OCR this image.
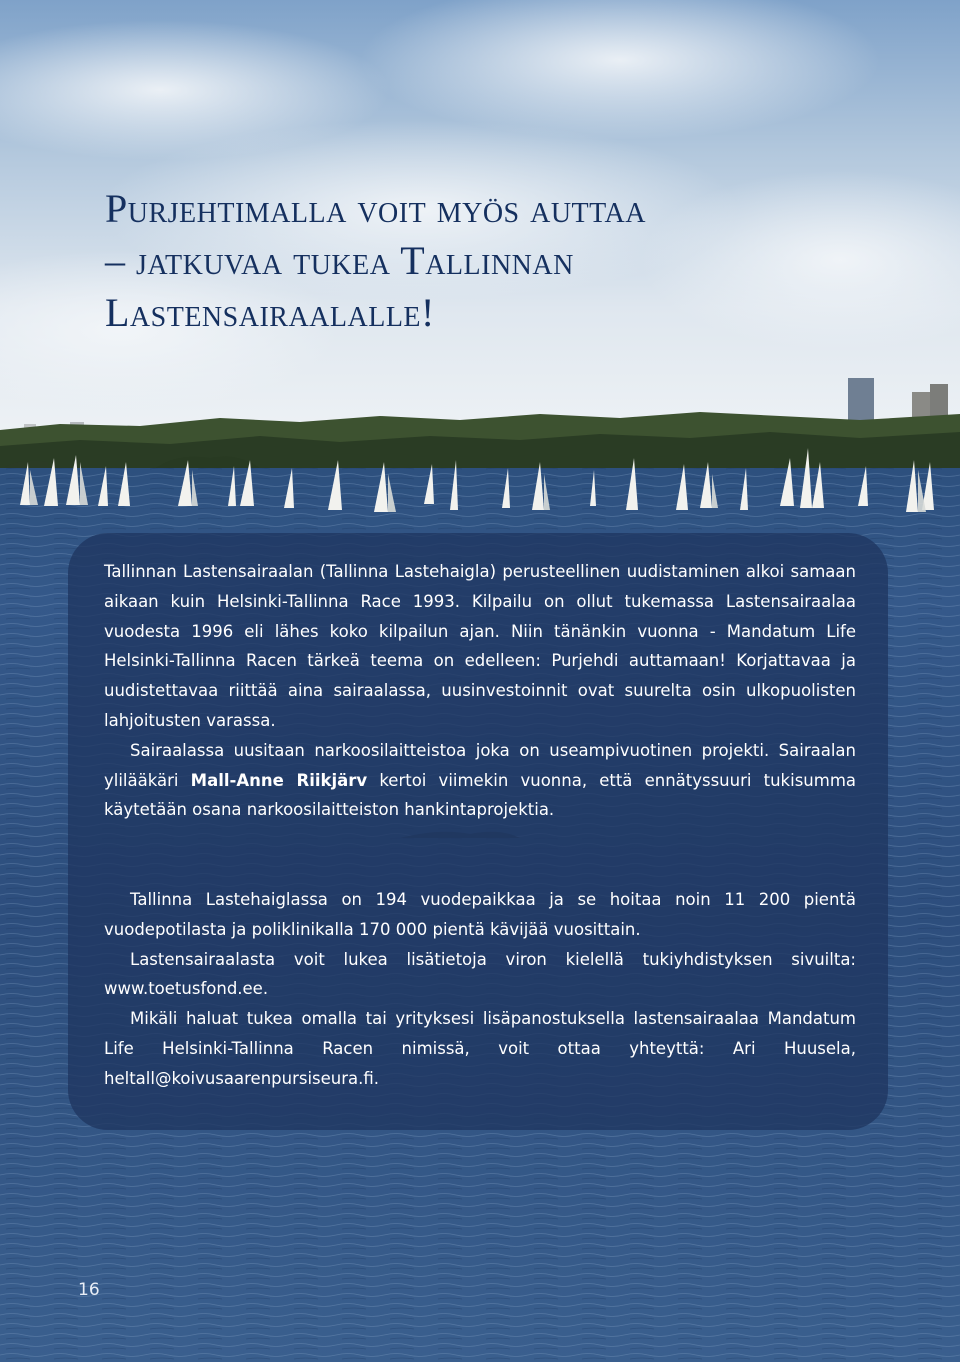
Purjehtimalla voit myös auttaa
– jatkuvaa tukea Tallinnan
Lastensairaalalle!

Tallinnan Lastensairaalan (Tallinna Lastehaigla) perusteellinen uudistaminen alkoi samaan aikaan kuin Helsinki-Tallinna Race 1993. Kilpailu on ollut tukemassa Lastensairaalaa vuodesta 1996 eli lähes koko kilpailun ajan. Niin tänänkin vuonna - Mandatum Life Helsinki-Tallinna Racen tärkeä teema on edelleen: Purjehdi auttamaan! Korjattavaa ja uudistettavaa riittää aina sairaalassa, uusinvestoinnit ovat suurelta osin ulkopuolisten lahjoitusten varassa.

Sairaalassa uusitaan narkoosilaitteistoa joka on useampivuotinen projekti. Sairaalan ylilääkäri Mall-Anne Riikjärv kertoi viimekin vuonna, että ennätyssuuri tukisumma käytetään osana narkoosilaitteiston hankintaprojektia.

Tallinna Lastehaiglassa on 194 vuodepaikkaa ja se hoitaa noin 11 200 pientä vuodepotilasta ja poliklinikalla 170 000 pientä kävijää vuosittain.

Lastensairaalasta voit lukea lisätietoja viron kielellä tukiyhdistyksen sivuilta: www.toetusfond.ee.

Mikäli haluat tukea omalla tai yrityksesi lisäpanostuksella lastensairaalaa Mandatum Life Helsinki-Tallinna Racen nimissä, voit ottaa yhteyttä: Ari Huusela, heltall@koivusaarenpursiseura.fi.

16
